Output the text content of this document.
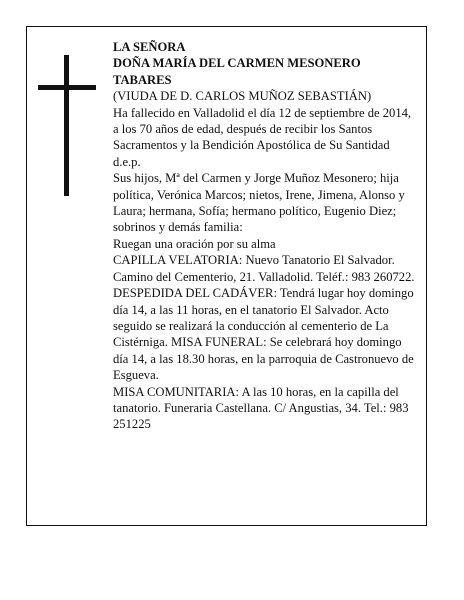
LA SEÑORA

DOÑA MARÍA DEL CARMEN MESONERO

TABARES

(VIUDA DE D. CARLOS MUÑOZ SEBASTIÁN)

Ha fallecido en Valladolid el día 12 de septiembre de 2014, a los 70 años de edad, después de recibir los Santos Sacramentos y la Bendición Apostólica de Su Santidad

d.e.p.

Sus hijos, Mª del Carmen y Jorge Muñoz Mesonero; hija política, Verónica Marcos; nietos, Irene, Jimena, Alonso y Laura; hermana, Sofía; hermano político, Eugenio Diez; sobrinos y demás familia:

Ruegan una oración por su alma

CAPILLA VELATORIA: Nuevo Tanatorio El Salvador. Camino del Cementerio, 21. Valladolid. Teléf.: 983 260722.

DESPEDIDA DEL CADÁVER: Tendrá lugar hoy domingo día 14, a las 11 horas, en el tanatorio El Salvador. Acto seguido se realizará la conducción al cementerio de La Cistérniga. MISA FUNERAL: Se celebrará hoy domingo día 14, a las 18.30 horas, en la parroquia de Castronuevo de Esgueva.

MISA COMUNITARIA: A las 10 horas, en la capilla del tanatorio. Funeraria Castellana. C/ Angustias, 34. Tel.: 983 251225
